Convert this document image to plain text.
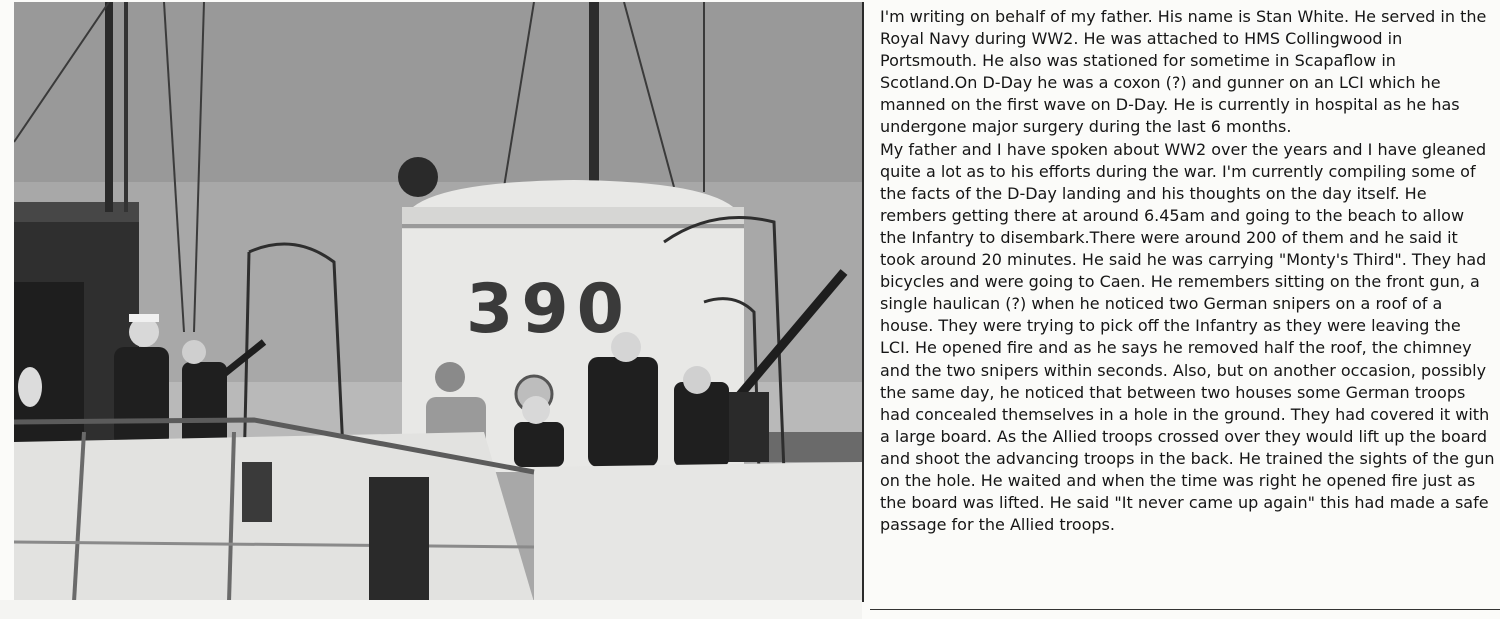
390

I'm writing on behalf of my father. His name is Stan White. He served in the Royal Navy during WW2. He was attached to HMS Collingwood in Portsmouth. He also was stationed for sometime in Scapaflow in Scotland.On D-Day he was a coxon (?) and gunner on an LCI which he manned on the first wave on D-Day. He is currently in hospital as he has undergone major surgery during the last 6 months.

My father and I have spoken about WW2 over the years and I have gleaned quite a lot as to his efforts during the war. I'm currently compiling some of the facts of the D-Day landing and his thoughts on the day itself. He rembers getting there at around 6.45am and going to the beach to allow the Infantry to disembark.There were around 200 of them and he said it took around 20 minutes. He said he was carrying "Monty's Third". They had bicycles and were going to Caen. He remembers sitting on the front gun, a single haulican (?) when he noticed two German snipers on a roof of a house. They were trying to pick off the Infantry as they were leaving the LCI. He opened fire and as he says he removed half the roof, the chimney and the two snipers within seconds. Also, but on another occasion, possibly the same day, he noticed that between two houses some German troops had concealed themselves in a hole in the ground. They had covered it with a large board. As the Allied troops crossed over they would lift up the board and shoot the advancing troops in the back. He trained the sights of the gun on the hole. He waited and when the time was right he opened fire just as the board was lifted. He said "It never came up again" this had made a safe passage for the Allied troops.
